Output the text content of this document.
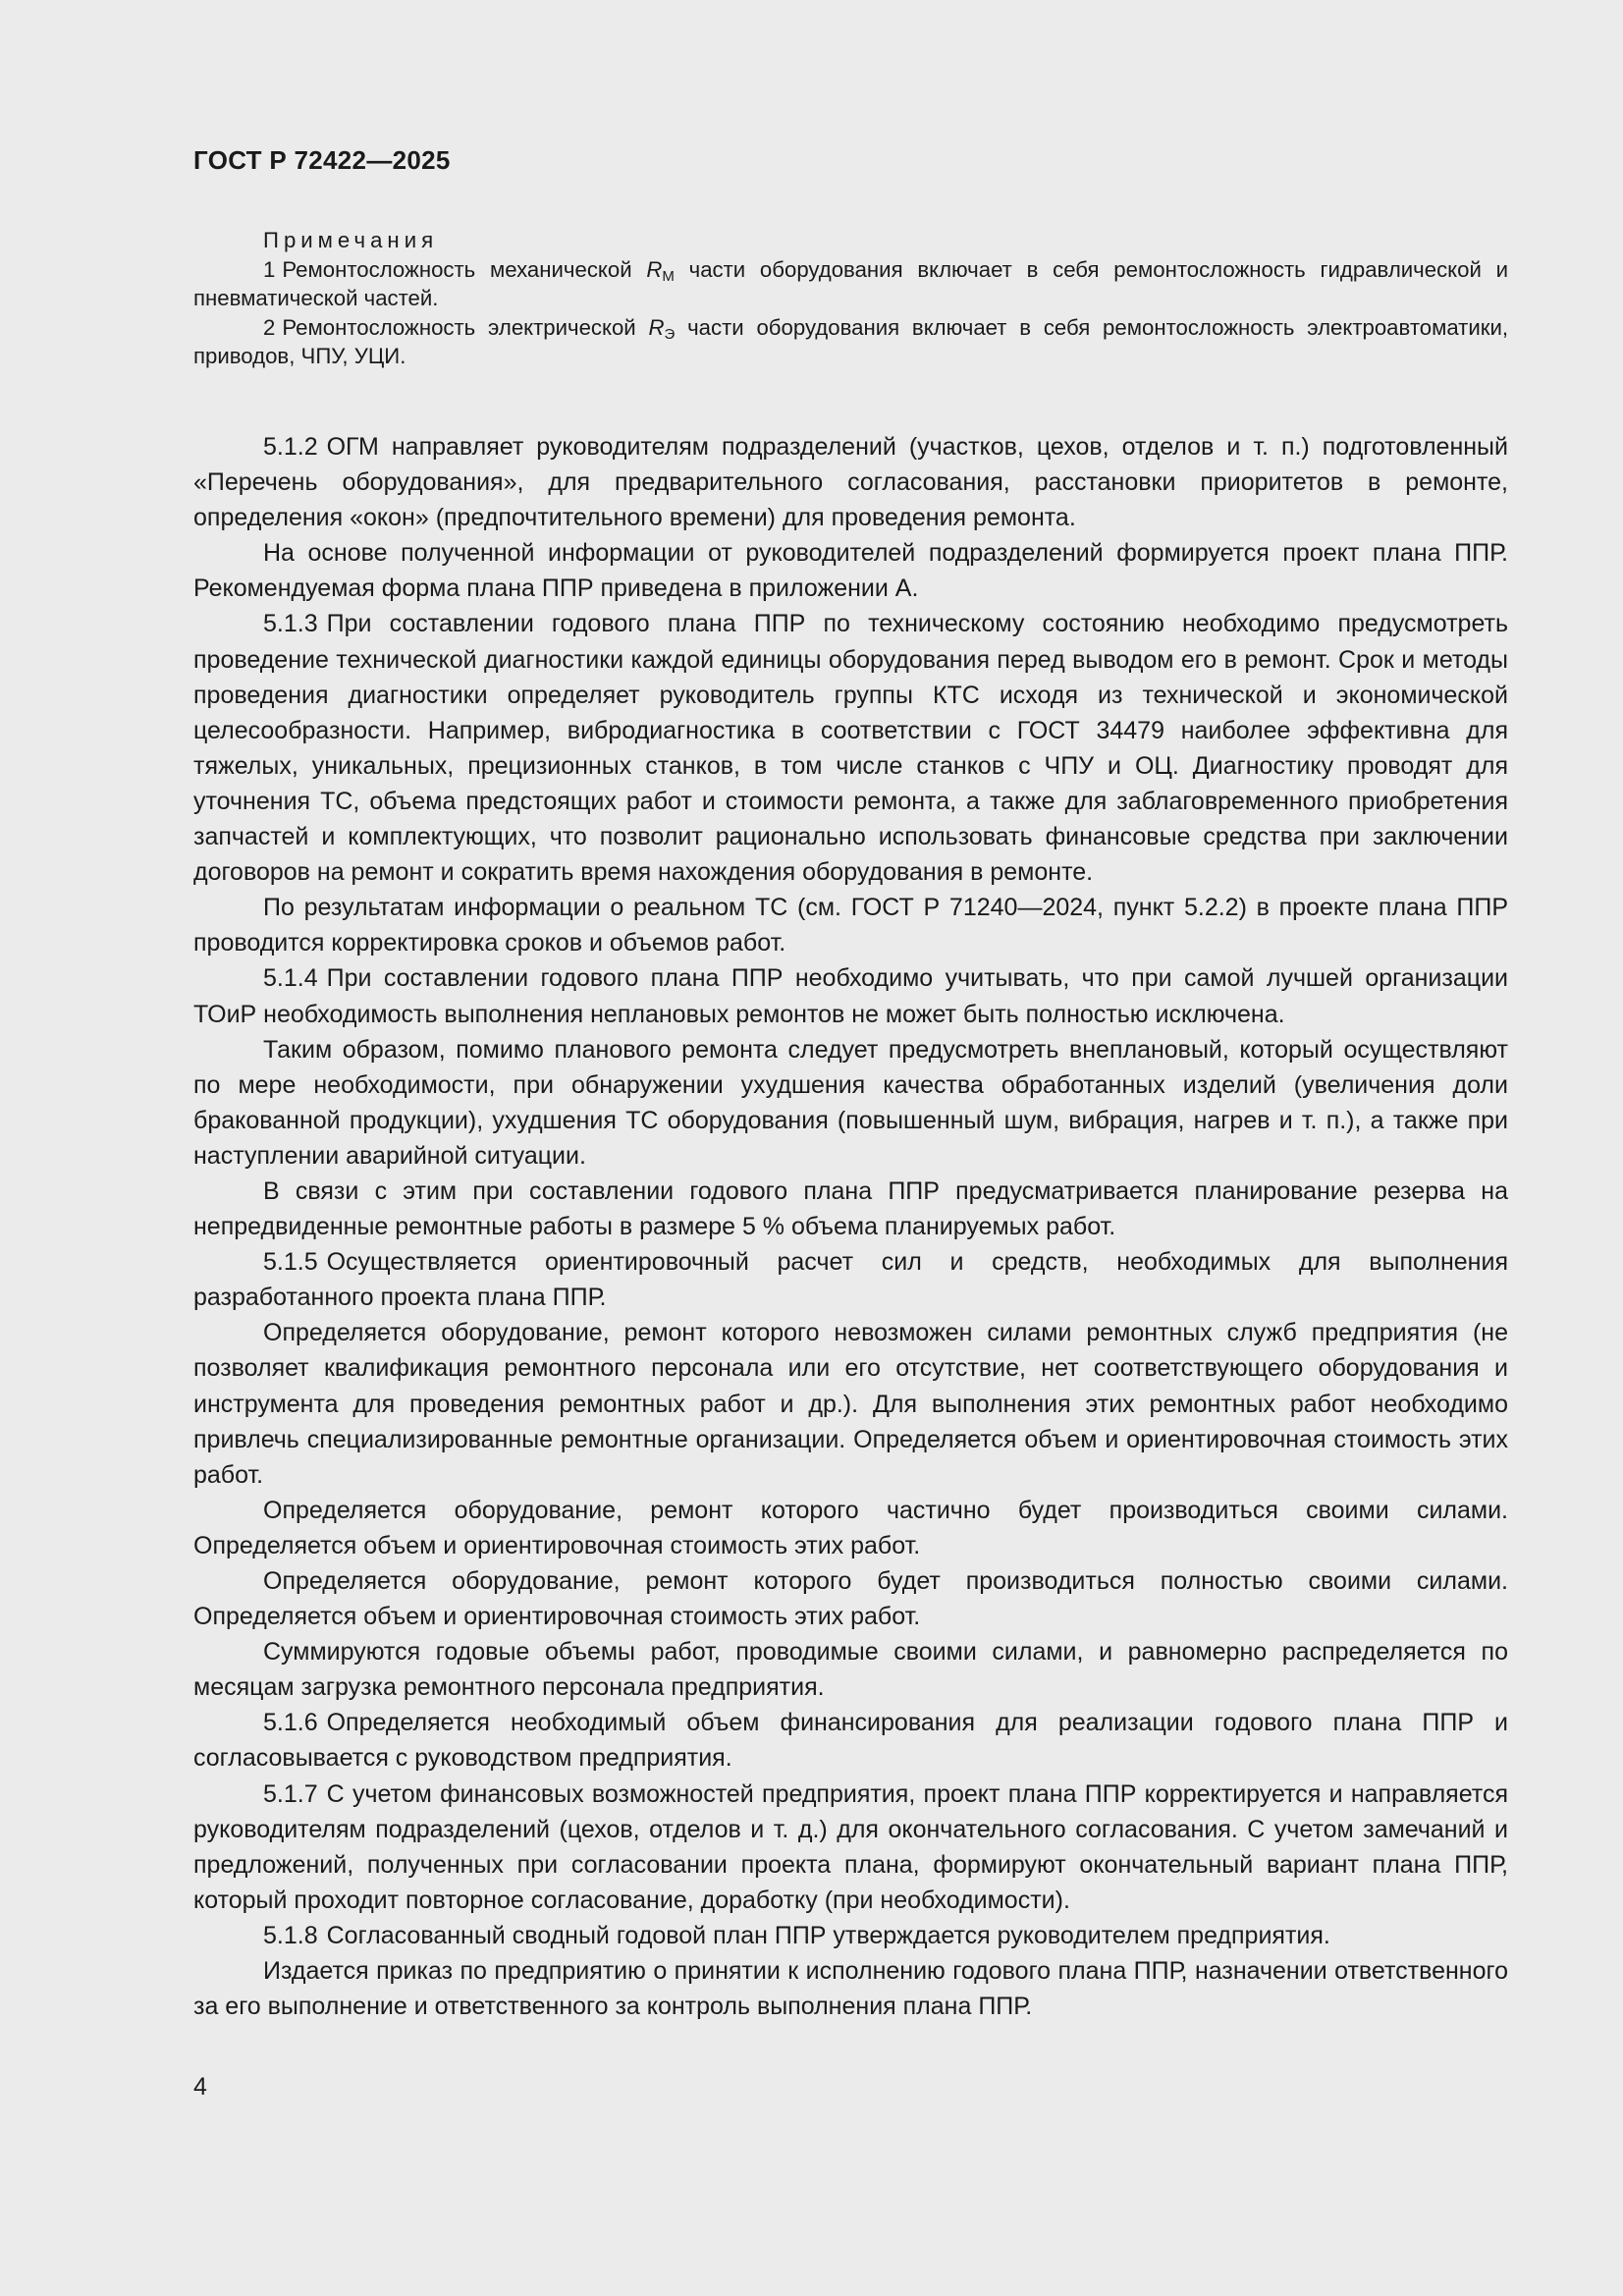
ГОСТ Р 72422—2025

Примечания

1 Ремонтосложность механической $R_М$ части оборудования включает в себя ремонтосложность гидравлической и пневматической частей.

2 Ремонтосложность электрической $R_Э$ части оборудования включает в себя ремонтосложность электроавтоматики, приводов, ЧПУ, УЦИ.

5.1.2 ОГМ направляет руководителям подразделений (участков, цехов, отделов и т. п.) подготовленный «Перечень оборудования», для предварительного согласования, расстановки приоритетов в ремонте, определения «окон» (предпочтительного времени) для проведения ремонта.

На основе полученной информации от руководителей подразделений формируется проект плана ППР. Рекомендуемая форма плана ППР приведена в приложении А.

5.1.3 При составлении годового плана ППР по техническому состоянию необходимо предусмотреть проведение технической диагностики каждой единицы оборудования перед выводом его в ремонт. Срок и методы проведения диагностики определяет руководитель группы КТС исходя из технической и экономической целесообразности. Например, вибродиагностика в соответствии с ГОСТ 34479 наиболее эффективна для тяжелых, уникальных, прецизионных станков, в том числе станков с ЧПУ и ОЦ. Диагностику проводят для уточнения ТС, объема предстоящих работ и стоимости ремонта, а также для заблаговременного приобретения запчастей и комплектующих, что позволит рационально использовать финансовые средства при заключении договоров на ремонт и сократить время нахождения оборудования в ремонте.

По результатам информации о реальном ТС (см. ГОСТ Р 71240—2024, пункт 5.2.2) в проекте плана ППР проводится корректировка сроков и объемов работ.

5.1.4 При составлении годового плана ППР необходимо учитывать, что при самой лучшей организации ТОиР необходимость выполнения неплановых ремонтов не может быть полностью исключена.

Таким образом, помимо планового ремонта следует предусмотреть внеплановый, который осуществляют по мере необходимости, при обнаружении ухудшения качества обработанных изделий (увеличения доли бракованной продукции), ухудшения ТС оборудования (повышенный шум, вибрация, нагрев и т. п.), а также при наступлении аварийной ситуации.

В связи с этим при составлении годового плана ППР предусматривается планирование резерва на непредвиденные ремонтные работы в размере 5 % объема планируемых работ.

5.1.5 Осуществляется ориентировочный расчет сил и средств, необходимых для выполнения разработанного проекта плана ППР.

Определяется оборудование, ремонт которого невозможен силами ремонтных служб предприятия (не позволяет квалификация ремонтного персонала или его отсутствие, нет соответствующего оборудования и инструмента для проведения ремонтных работ и др.). Для выполнения этих ремонтных работ необходимо привлечь специализированные ремонтные организации. Определяется объем и ориентировочная стоимость этих работ.

Определяется оборудование, ремонт которого частично будет производиться своими силами. Определяется объем и ориентировочная стоимость этих работ.

Определяется оборудование, ремонт которого будет производиться полностью своими силами. Определяется объем и ориентировочная стоимость этих работ.

Суммируются годовые объемы работ, проводимые своими силами, и равномерно распределяется по месяцам загрузка ремонтного персонала предприятия.

5.1.6 Определяется необходимый объем финансирования для реализации годового плана ППР и согласовывается с руководством предприятия.

5.1.7 С учетом финансовых возможностей предприятия, проект плана ППР корректируется и направляется руководителям подразделений (цехов, отделов и т. д.) для окончательного согласования. С учетом замечаний и предложений, полученных при согласовании проекта плана, формируют окончательный вариант плана ППР, который проходит повторное согласование, доработку (при необходимости).

5.1.8 Согласованный сводный годовой план ППР утверждается руководителем предприятия.

Издается приказ по предприятию о принятии к исполнению годового плана ППР, назначении ответственного за его выполнение и ответственного за контроль выполнения плана ППР.

4
